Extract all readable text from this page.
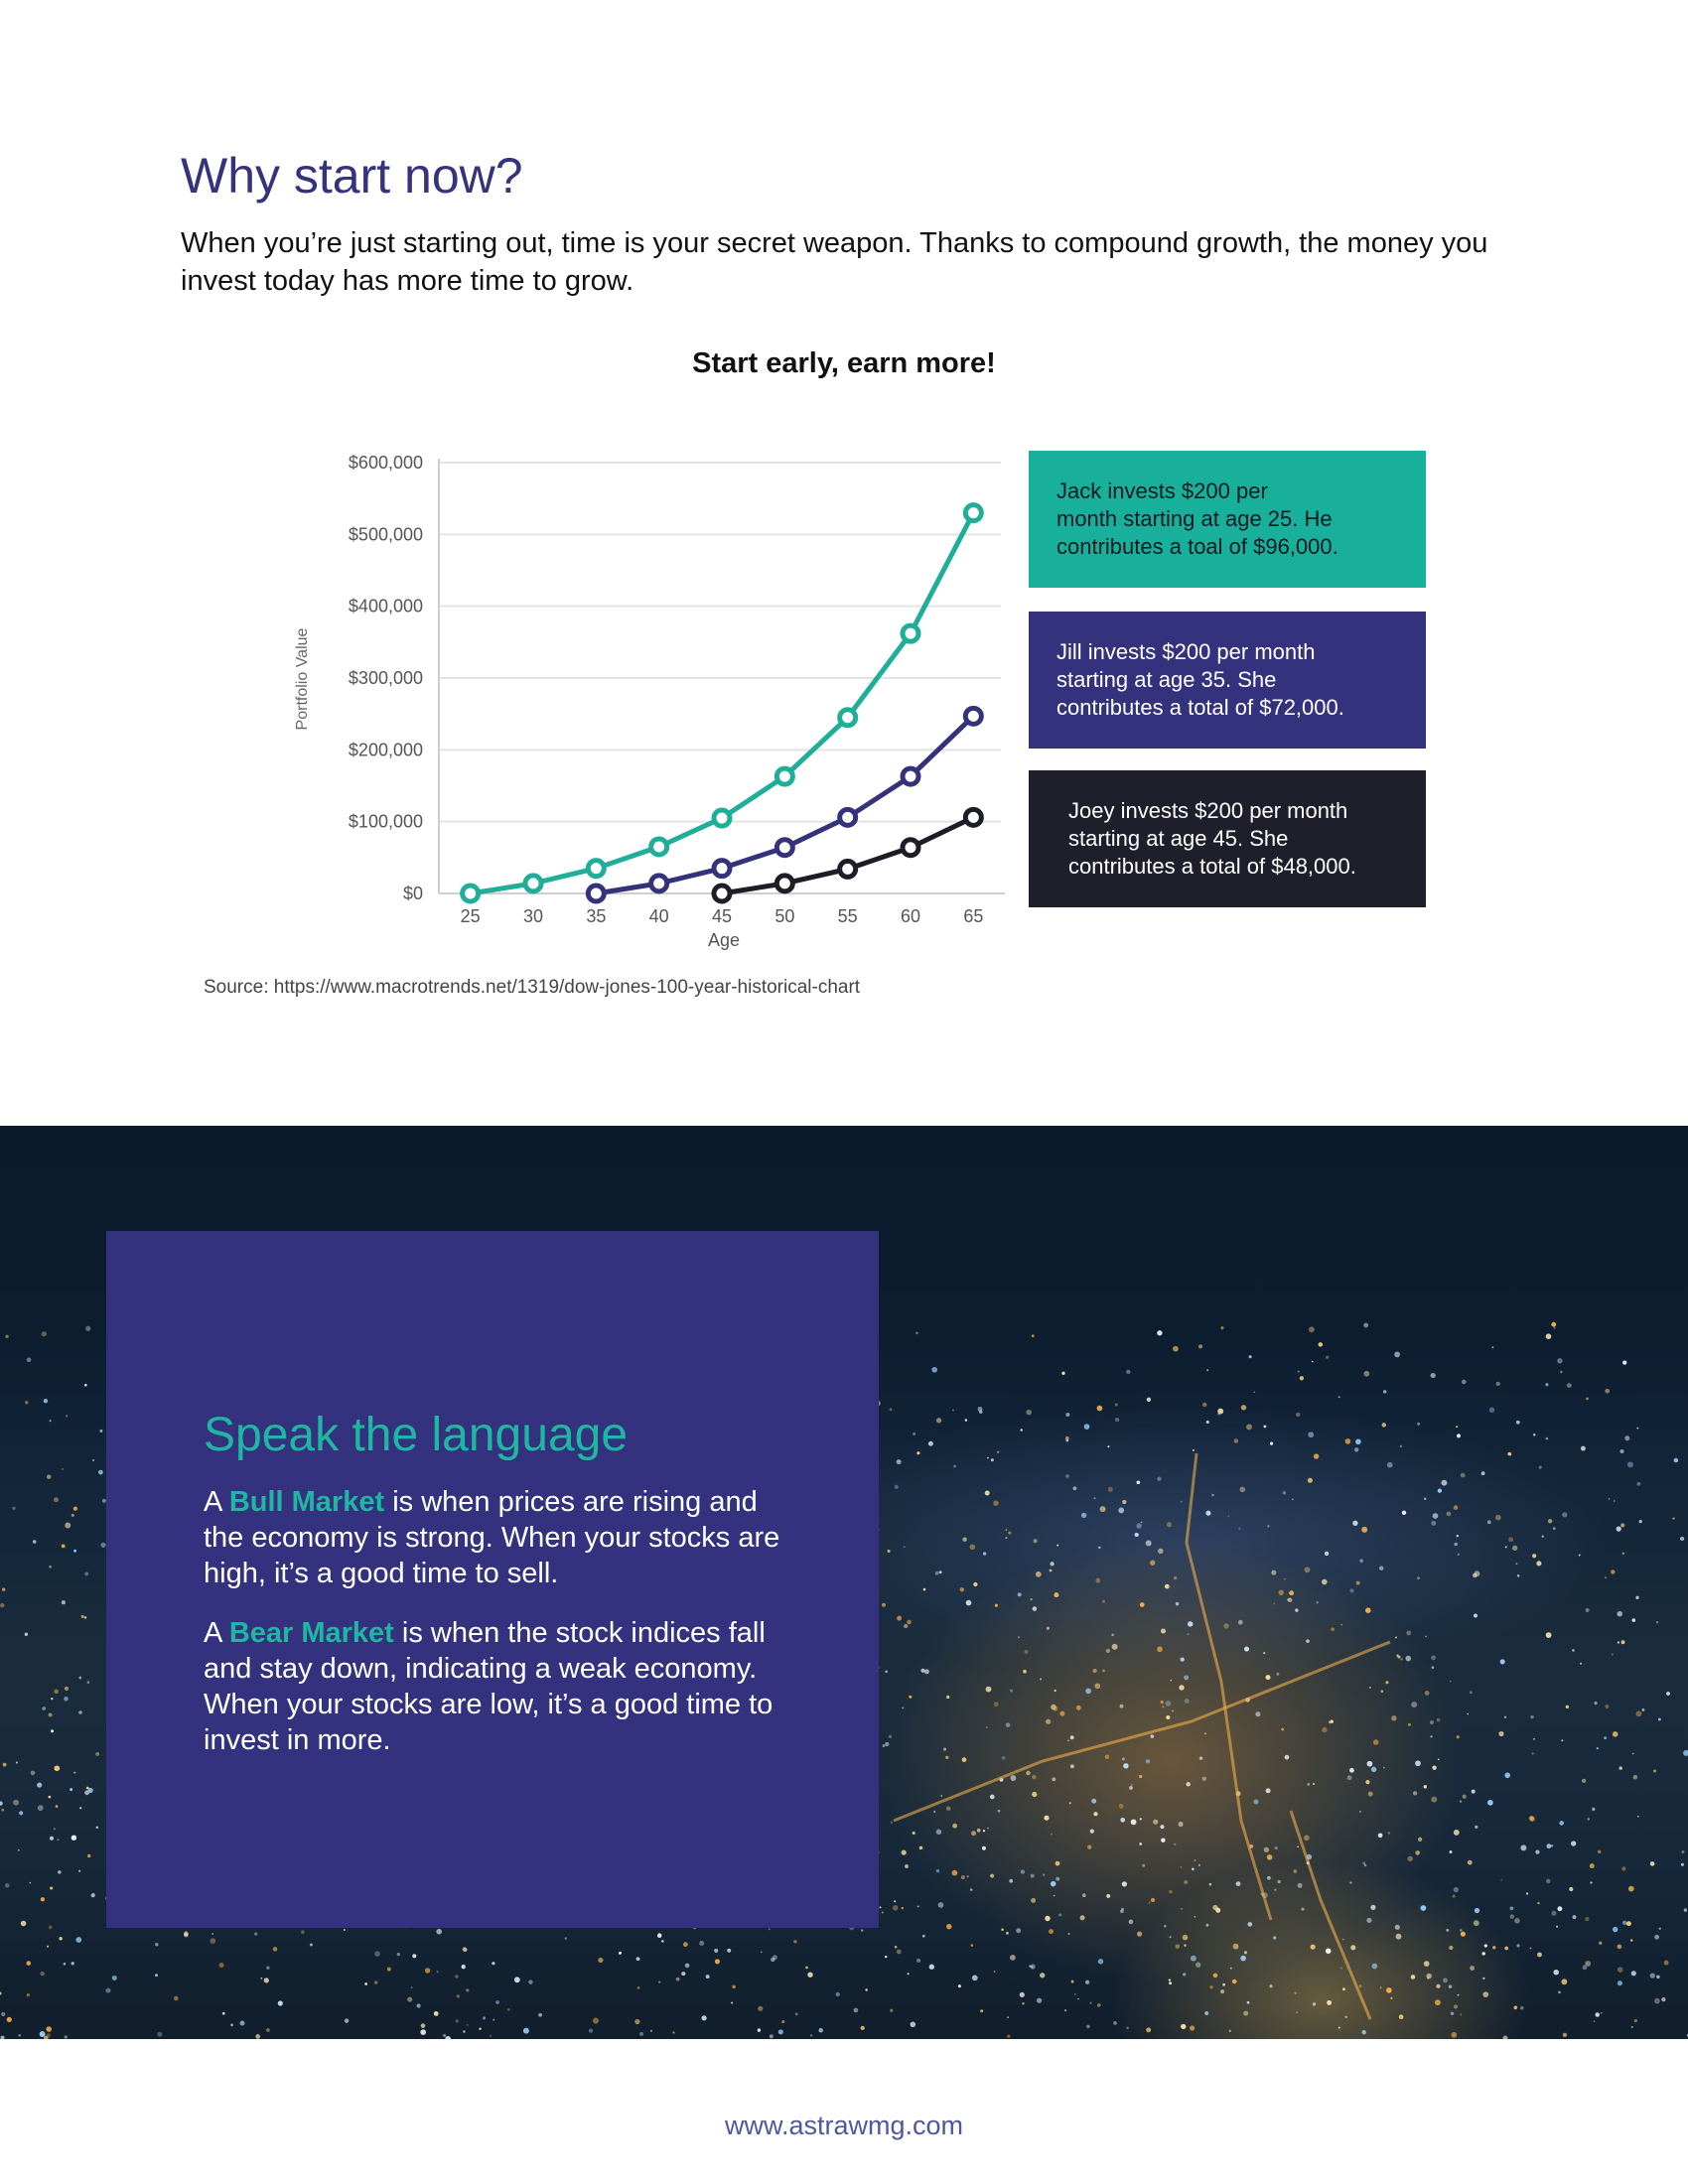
Why start now?

When you’re just starting out, time is your secret weapon. Thanks to compound growth, the money you invest today has more time to grow.

Start early, earn more!
$0
$100,000
$200,000
$300,000
$400,000
$500,000
$600,000
25 30 35 40 45 50 55 60 65
Portfolio Value
Age
Jack invests $200 per
month starting at age 25. He
contributes a toal of $96,000.
Jill invests $200 per month
starting at age 35. She
contributes a total of $72,000.
Joey invests $200 per month
starting at age 45. She
contributes a total of $48,000.

Source: https://www.macrotrends.net/1319/dow-jones-100-year-historical-chart

Speak the language

A Bull Market is when prices are rising and the economy is strong. When your stocks are high, it’s a good time to sell.

A Bear Market is when the stock indices fall and stay down, indicating a weak economy. When your stocks are low, it’s a good time to invest in more.

www.astrawmg.com
